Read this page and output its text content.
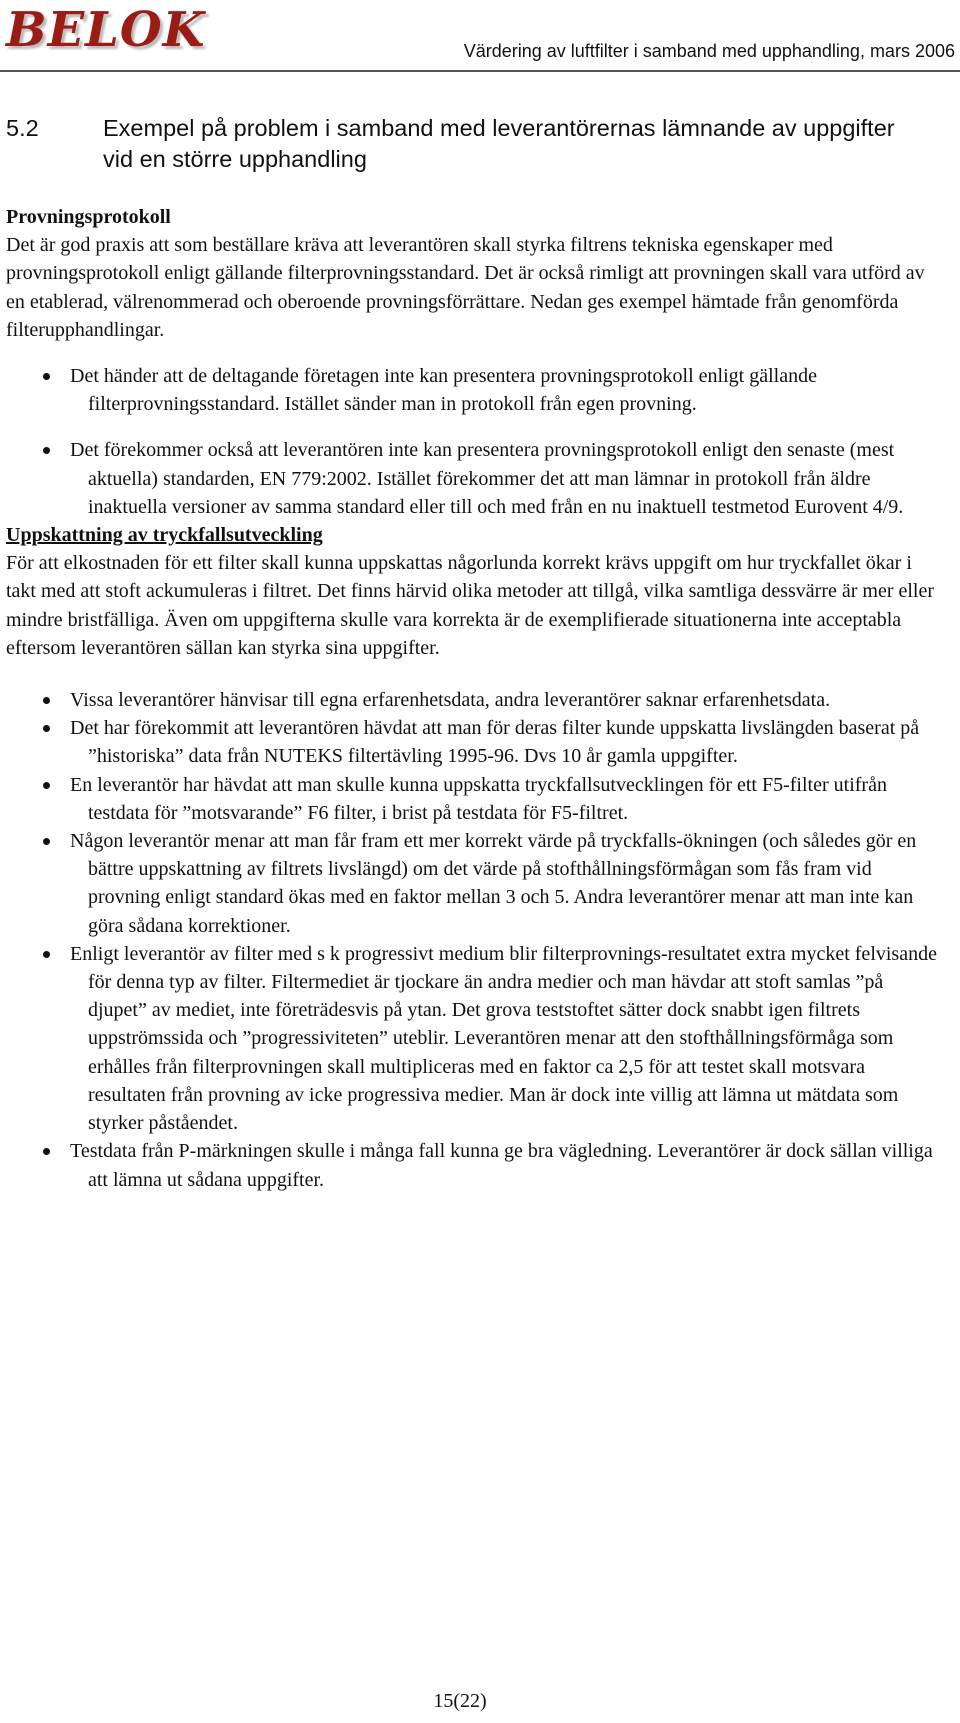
BELOK	Värdering av luftfilter i samband med upphandling, mars 2006
5.2	Exempel på problem i samband med leverantörernas lämnande av uppgifter vid en större upphandling

Provningsprotokoll

Det är god praxis att som beställare kräva att leverantören skall styrka filtrens tekniska egenskaper med provningsprotokoll enligt gällande filterprovningsstandard. Det är också rimligt att provningen skall vara utförd av en etablerad, välrenommerad och oberoende provningsförrättare. Nedan ges exempel hämtade från genomförda filterupphandlingar.

Det händer att de deltagande företagen inte kan presentera provningsprotokoll enligt gällande filterprovningsstandard. Istället sänder man in protokoll från egen provning.
Det förekommer också att leverantören inte kan presentera provningsprotokoll enligt den senaste (mest aktuella) standarden, EN 779:2002. Istället förekommer det att man lämnar in protokoll från äldre inaktuella versioner av samma standard eller till och med från en nu inaktuell testmetod Eurovent 4/9.

Uppskattning av tryckfallsutveckling

För att elkostnaden för ett filter skall kunna uppskattas någorlunda korrekt krävs uppgift om hur tryckfallet ökar i takt med att stoft ackumuleras i filtret. Det finns härvid olika metoder att tillgå, vilka samtliga dessvärre är mer eller mindre bristfälliga. Även om uppgifterna skulle vara korrekta är de exemplifierade situationerna inte acceptabla eftersom leverantören sällan kan styrka sina uppgifter.

Vissa leverantörer hänvisar till egna erfarenhetsdata, andra leverantörer saknar erfarenhetsdata.
Det har förekommit att leverantören hävdat att man för deras filter kunde uppskatta livslängden baserat på ”historiska” data från NUTEKS filtertävling 1995-96. Dvs 10 år gamla uppgifter.
En leverantör har hävdat att man skulle kunna uppskatta tryckfallsutvecklingen för ett F5-filter utifrån testdata för ”motsvarande” F6 filter, i brist på testdata för F5-filtret.
Någon leverantör menar att man får fram ett mer korrekt värde på tryckfalls-ökningen (och således gör en bättre uppskattning av filtrets livslängd) om det värde på stofthållningsförmågan som fås fram vid provning enligt standard ökas med en faktor mellan 3 och 5. Andra leverantörer menar att man inte kan göra sådana korrektioner.
Enligt leverantör av filter med s k progressivt medium blir filterprovnings-resultatet extra mycket felvisande för denna typ av filter. Filtermediet är tjockare än andra medier och man hävdar att stoft samlas ”på djupet” av mediet, inte företrädesvis på ytan. Det grova teststoftet sätter dock snabbt igen filtrets uppströmssida och ”progressiviteten” uteblir. Leverantören menar att den stofthållningsförmåga som erhålles från filterprovningen skall multipliceras med en faktor ca 2,5 för att testet skall motsvara resultaten från provning av icke progressiva medier. Man är dock inte villig att lämna ut mätdata som styrker påståendet.
Testdata från P-märkningen skulle i många fall kunna ge bra vägledning. Leverantörer är dock sällan villiga att lämna ut sådana uppgifter.
15(22)
